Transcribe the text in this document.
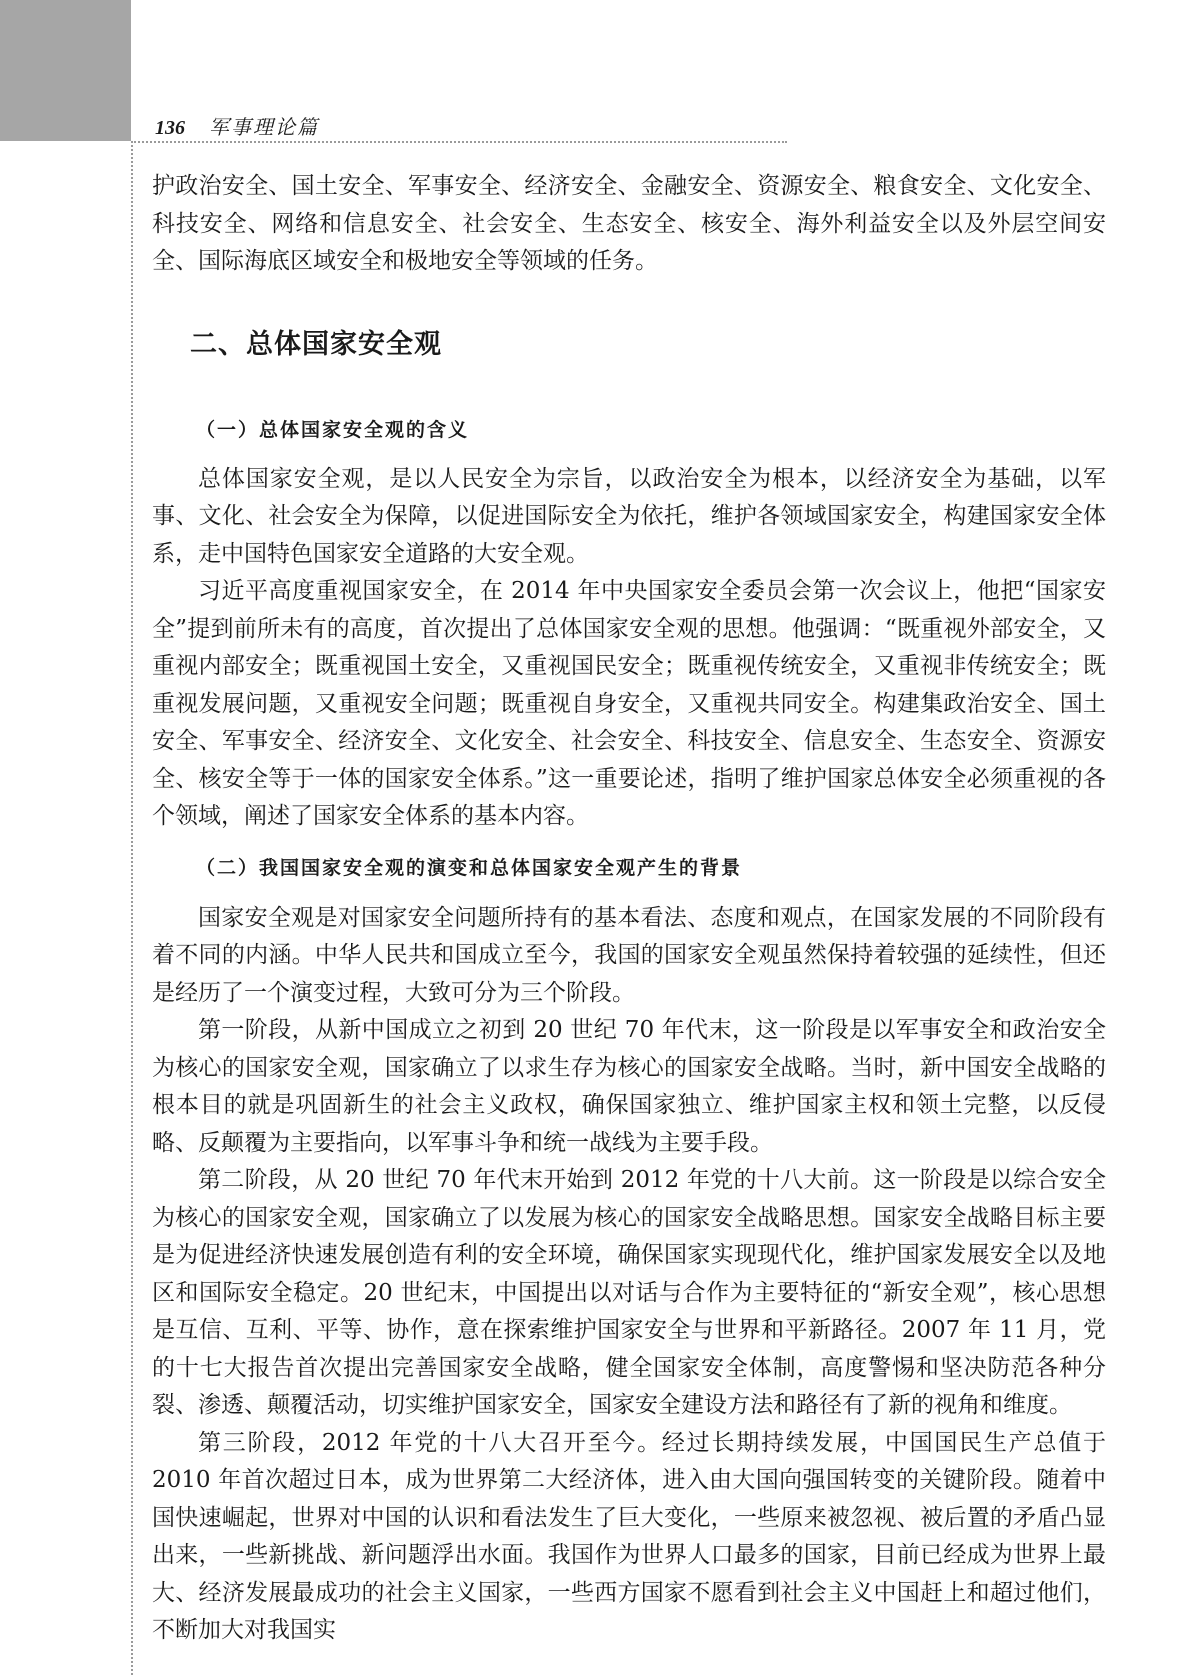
136 军事理论篇

护政治安全、国土安全、军事安全、经济安全、金融安全、资源安全、粮食安全、文化安全、科技安全、网络和信息安全、社会安全、生态安全、核安全、海外利益安全以及外层空间安全、国际海底区域安全和极地安全等领域的任务。

二、总体国家安全观
（一）总体国家安全观的含义

总体国家安全观，是以人民安全为宗旨，以政治安全为根本，以经济安全为基础，以军事、文化、社会安全为保障，以促进国际安全为依托，维护各领域国家安全，构建国家安全体系，走中国特色国家安全道路的大安全观。

习近平高度重视国家安全，在 2014 年中央国家安全委员会第一次会议上，他把“国家安全”提到前所未有的高度，首次提出了总体国家安全观的思想。他强调：“既重视外部安全，又重视内部安全；既重视国土安全，又重视国民安全；既重视传统安全，又重视非传统安全；既重视发展问题，又重视安全问题；既重视自身安全，又重视共同安全。构建集政治安全、国土安全、军事安全、经济安全、文化安全、社会安全、科技安全、信息安全、生态安全、资源安全、核安全等于一体的国家安全体系。”这一重要论述，指明了维护国家总体安全必须重视的各个领域，阐述了国家安全体系的基本内容。

（二）我国国家安全观的演变和总体国家安全观产生的背景

国家安全观是对国家安全问题所持有的基本看法、态度和观点，在国家发展的不同阶段有着不同的内涵。中华人民共和国成立至今，我国的国家安全观虽然保持着较强的延续性，但还是经历了一个演变过程，大致可分为三个阶段。

第一阶段，从新中国成立之初到 20 世纪 70 年代末，这一阶段是以军事安全和政治安全为核心的国家安全观，国家确立了以求生存为核心的国家安全战略。当时，新中国安全战略的根本目的就是巩固新生的社会主义政权，确保国家独立、维护国家主权和领土完整，以反侵略、反颠覆为主要指向，以军事斗争和统一战线为主要手段。

第二阶段，从 20 世纪 70 年代末开始到 2012 年党的十八大前。这一阶段是以综合安全为核心的国家安全观，国家确立了以发展为核心的国家安全战略思想。国家安全战略目标主要是为促进经济快速发展创造有利的安全环境，确保国家实现现代化，维护国家发展安全以及地区和国际安全稳定。20 世纪末，中国提出以对话与合作为主要特征的“新安全观”，核心思想是互信、互利、平等、协作，意在探索维护国家安全与世界和平新路径。2007 年 11 月，党的十七大报告首次提出完善国家安全战略，健全国家安全体制，高度警惕和坚决防范各种分裂、渗透、颠覆活动，切实维护国家安全，国家安全建设方法和路径有了新的视角和维度。

第三阶段，2012 年党的十八大召开至今。经过长期持续发展，中国国民生产总值于 2010 年首次超过日本，成为世界第二大经济体，进入由大国向强国转变的关键阶段。随着中国快速崛起，世界对中国的认识和看法发生了巨大变化，一些原来被忽视、被后置的矛盾凸显出来，一些新挑战、新问题浮出水面。我国作为世界人口最多的国家，目前已经成为世界上最大、经济发展最成功的社会主义国家，一些西方国家不愿看到社会主义中国赶上和超过他们，不断加大对我国实
